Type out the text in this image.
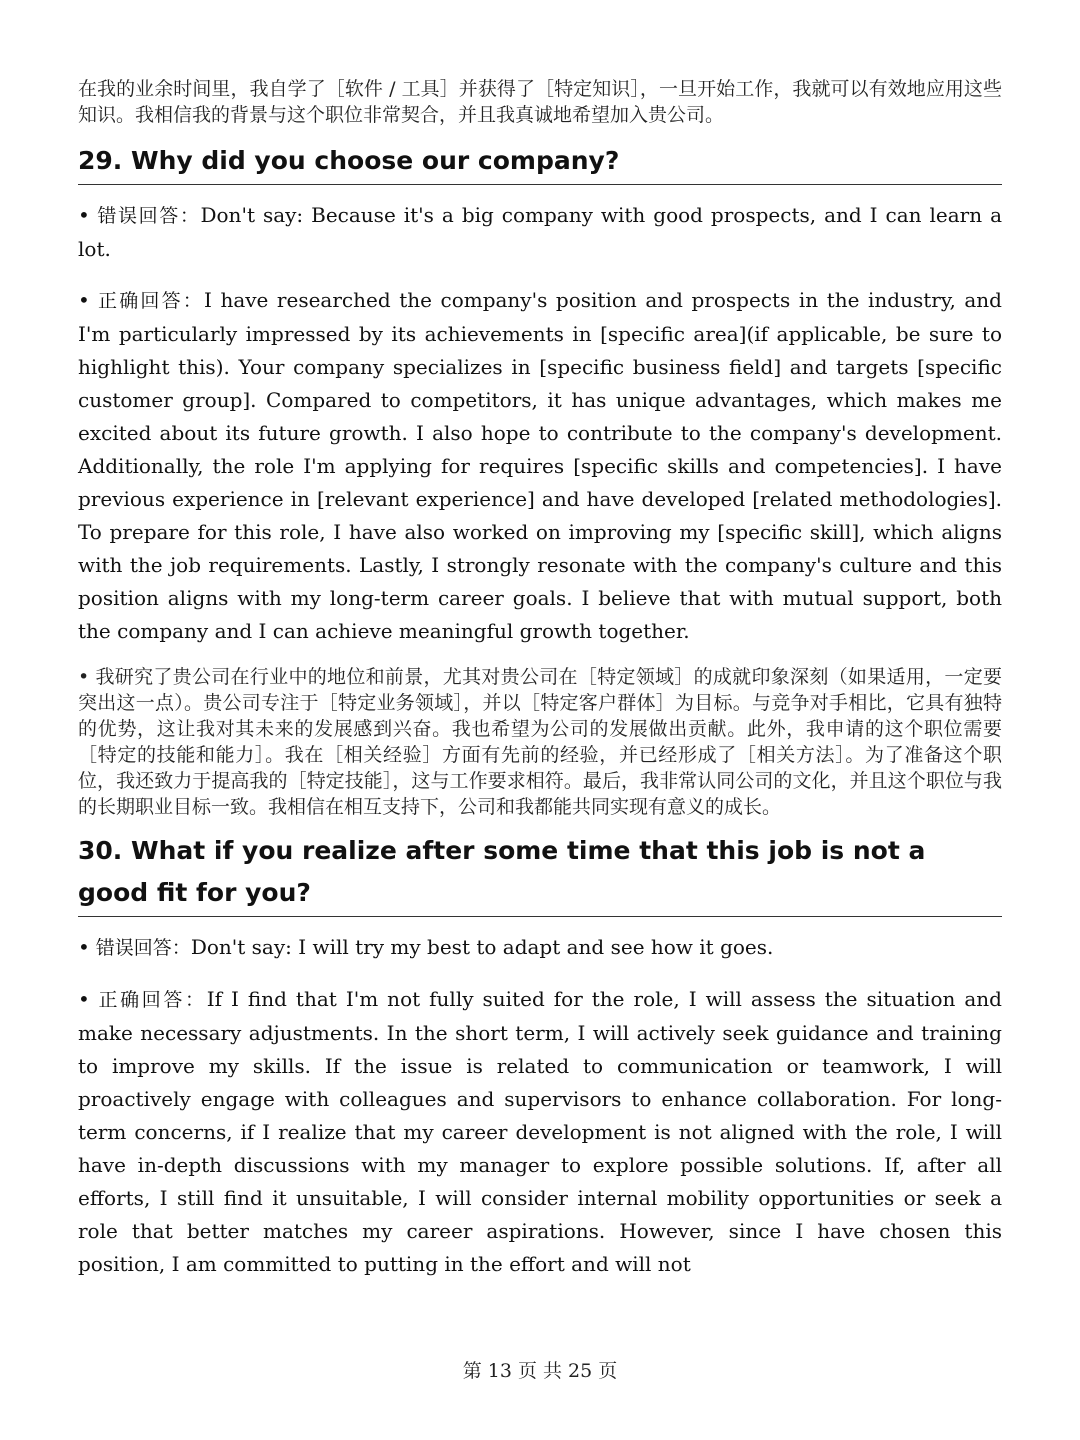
在我的业余时间里，我自学了［软件 / 工具］并获得了［特定知识］，一旦开始工作，我就可以有效地应用这些知识。我相信我的背景与这个职位非常契合，并且我真诚地希望加入贵公司。

29. Why did you choose our company?

• 错误回答：Don't say: Because it's a big company with good prospects, and I can learn a lot.

• 正确回答：I have researched the company's position and prospects in the industry, and I'm particularly impressed by its achievements in [specific area](if applicable, be sure to highlight this). Your company specializes in [specific business field] and targets [specific customer group]. Compared to competitors, it has unique advantages, which makes me excited about its future growth. I also hope to contribute to the company's development. Additionally, the role I'm applying for requires [specific skills and competencies]. I have previous experience in [relevant experience] and have developed [related methodologies]. To prepare for this role, I have also worked on improving my [specific skill], which aligns with the job requirements. Lastly, I strongly resonate with the company's culture and this position aligns with my long-term career goals. I believe that with mutual support, both the company and I can achieve meaningful growth together.

• 我研究了贵公司在行业中的地位和前景，尤其对贵公司在［特定领域］的成就印象深刻（如果适用，一定要突出这一点）。贵公司专注于［特定业务领域］，并以［特定客户群体］为目标。与竞争对手相比，它具有独特的优势，这让我对其未来的发展感到兴奋。我也希望为公司的发展做出贡献。此外，我申请的这个职位需要［特定的技能和能力］。我在［相关经验］方面有先前的经验，并已经形成了［相关方法］。为了准备这个职位，我还致力于提高我的［特定技能］，这与工作要求相符。最后，我非常认同公司的文化，并且这个职位与我的长期职业目标一致。我相信在相互支持下，公司和我都能共同实现有意义的成长。

30. What if you realize after some time that this job is not a good fit for you?

• 错误回答：Don't say: I will try my best to adapt and see how it goes.

• 正确回答：If I find that I'm not fully suited for the role, I will assess the situation and make necessary adjustments. In the short term, I will actively seek guidance and training to improve my skills. If the issue is related to communication or teamwork, I will proactively engage with colleagues and supervisors to enhance collaboration. For long-term concerns, if I realize that my career development is not aligned with the role, I will have in-depth discussions with my manager to explore possible solutions. If, after all efforts, I still find it unsuitable, I will consider internal mobility opportunities or seek a role that better matches my career aspirations. However, since I have chosen this position, I am committed to putting in the effort and will not

第 13 页 共 25 页
